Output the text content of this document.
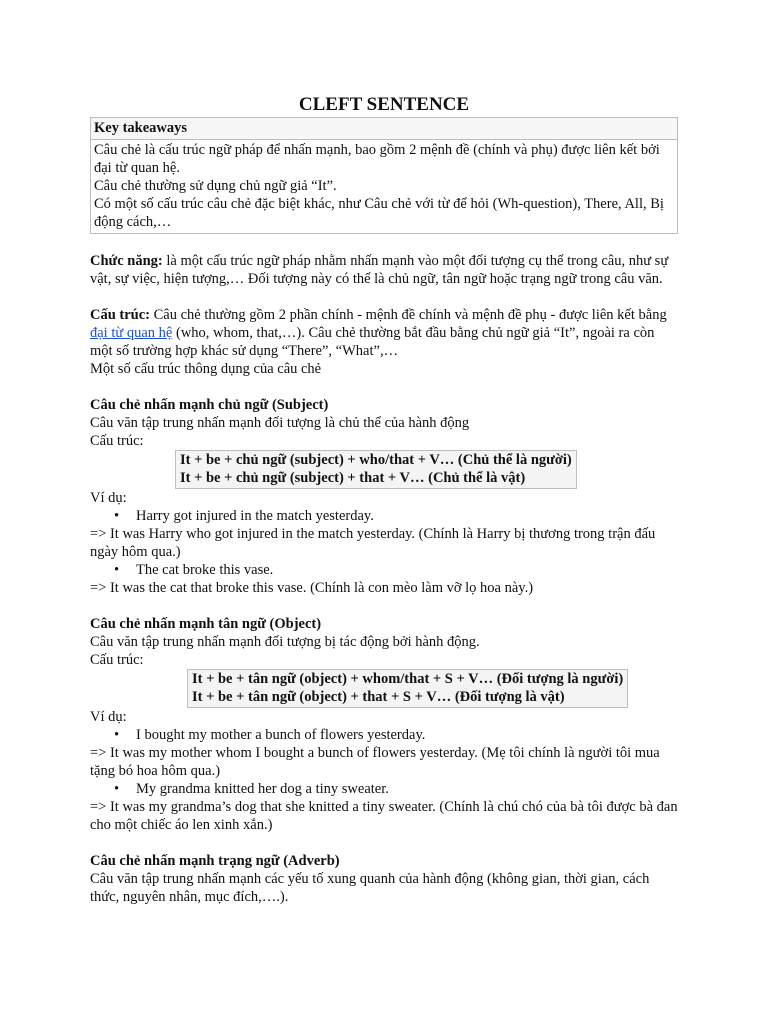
CLEFT SENTENCE
Key takeaways

Câu chẻ là cấu trúc ngữ pháp để nhấn mạnh, bao gồm 2 mệnh đề (chính và phụ) được liên kết bởi đại từ quan hệ.
Câu chẻ thường sử dụng chủ ngữ giả “It”.
Có một số cấu trúc câu chẻ đặc biệt khác, như Câu chẻ với từ để hỏi (Wh-question), There, All, Bị động cách,…

Chức năng: là một cấu trúc ngữ pháp nhằm nhấn mạnh vào một đối tượng cụ thể trong câu, như sự vật, sự việc, hiện tượng,… Đối tượng này có thể là chủ ngữ, tân ngữ hoặc trạng ngữ trong câu văn.

Cấu trúc: Câu chẻ thường gồm 2 phần chính - mệnh đề chính và mệnh đề phụ - được liên kết bằng đại từ quan hệ (who, whom, that,…). Câu chẻ thường bắt đầu bằng chủ ngữ giả “It”, ngoài ra còn một số trường hợp khác sử dụng “There”, “What”,…

Một số cấu trúc thông dụng của câu chẻ

Câu chẻ nhấn mạnh chủ ngữ (Subject)

Câu văn tập trung nhấn mạnh đối tượng là chủ thể của hành động

Cấu trúc:

It + be + chủ ngữ (subject) + who/that + V… (Chủ thể là người)
It + be + chủ ngữ (subject) + that + V… (Chủ thể là vật)

Ví dụ:

• Harry got injured in the match yesterday.

=> It was Harry who got injured in the match yesterday. (Chính là Harry bị thương trong trận đấu ngày hôm qua.)

• The cat broke this vase.

=> It was the cat that broke this vase. (Chính là con mèo làm vỡ lọ hoa này.)

Câu chẻ nhấn mạnh tân ngữ (Object)

Câu văn tập trung nhấn mạnh đối tượng bị tác động bởi hành động.

Cấu trúc:

It + be + tân ngữ (object) + whom/that + S + V… (Đối tượng là người)
It + be + tân ngữ (object) + that + S + V… (Đối tượng là vật)

Ví dụ:

• I bought my mother a bunch of flowers yesterday.

=> It was my mother whom I bought a bunch of flowers yesterday. (Mẹ tôi chính là người tôi mua tặng bó hoa hôm qua.)

• My grandma knitted her dog a tiny sweater.

=> It was my grandma’s dog that she knitted a tiny sweater. (Chính là chú chó của bà tôi được bà đan cho một chiếc áo len xinh xắn.)

Câu chẻ nhấn mạnh trạng ngữ (Adverb)

Câu văn tập trung nhấn mạnh các yếu tố xung quanh của hành động (không gian, thời gian, cách thức, nguyên nhân, mục đích,….).
